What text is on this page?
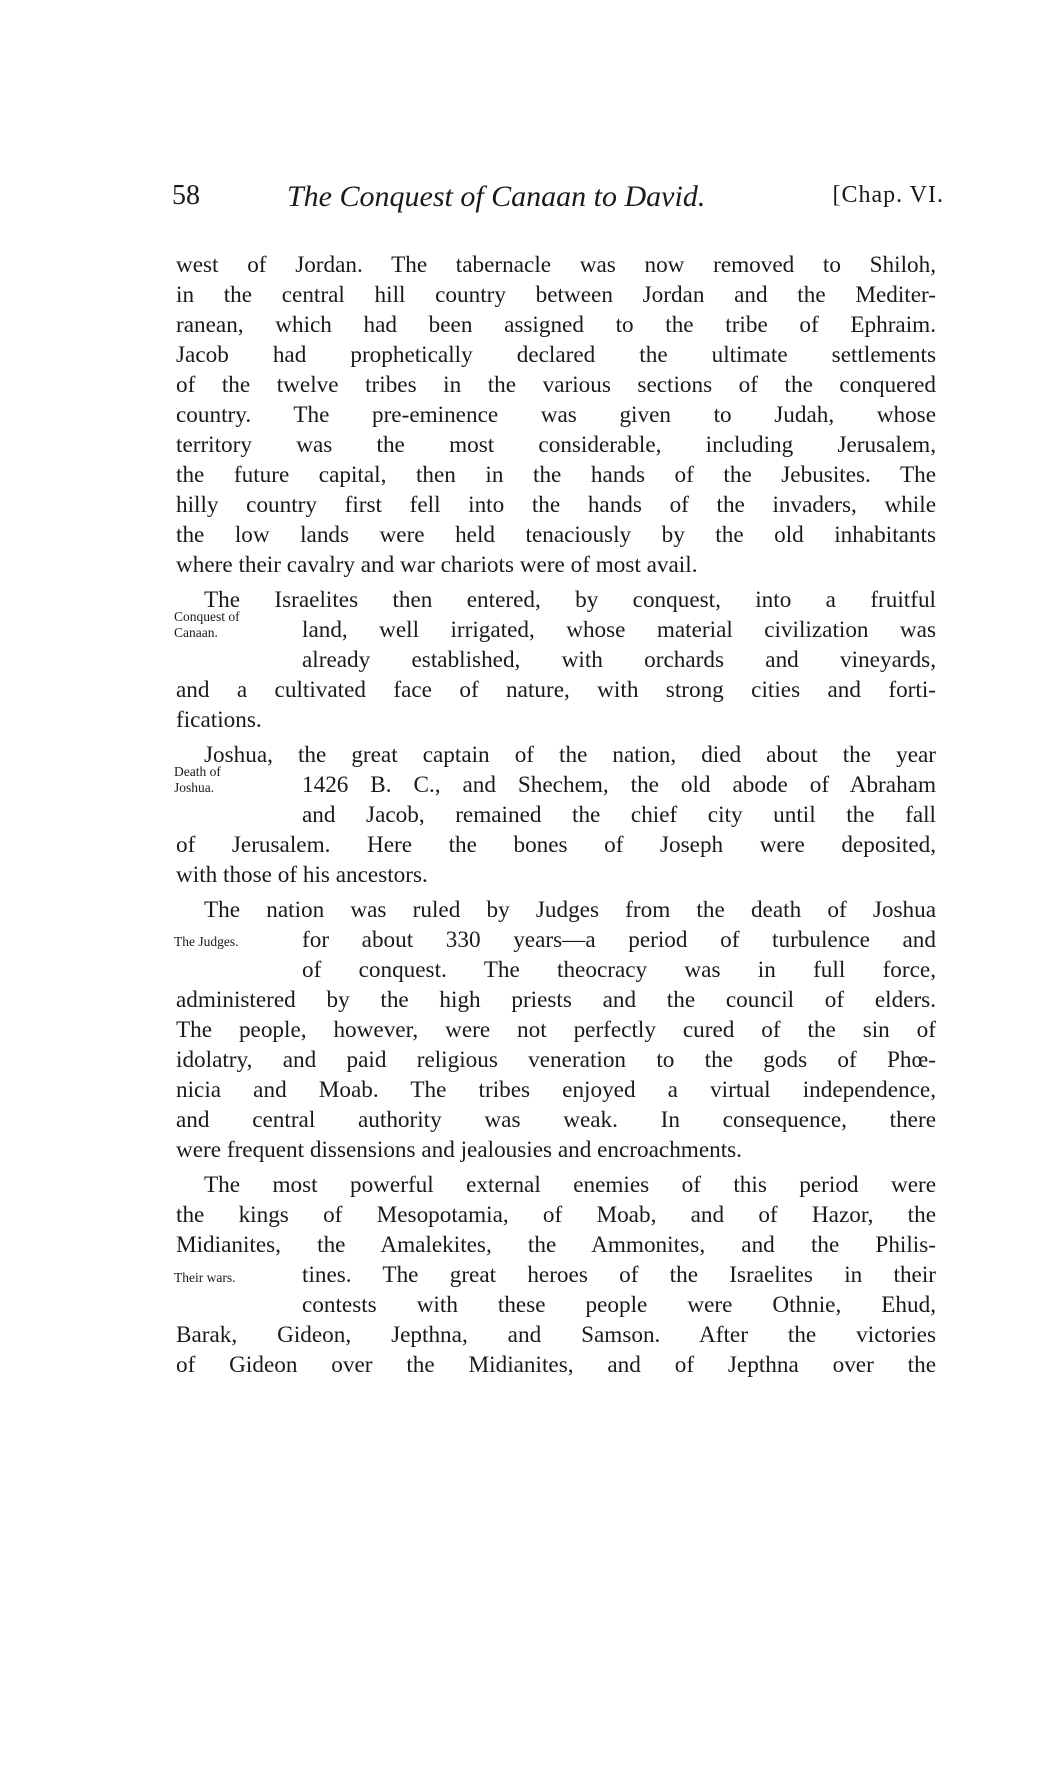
58	The Conquest of Canaan to David.	[Chap. VI.
west of Jordan. The tabernacle was now removed to Shiloh,
in the central hill country between Jordan and the Mediter-
ranean, which had been assigned to the tribe of Ephraim.
Jacob had prophetically declared the ultimate settlements
of the twelve tribes in the various sections of the conquered
country. The pre-eminence was given to Judah, whose
territory was the most considerable, including Jerusalem,
the future capital, then in the hands of the Jebusites. The
hilly country first fell into the hands of the invaders, while
the low lands were held tenaciously by the old inhabitants
where their cavalry and war chariots were of most avail.
The Israelites then entered, by conquest, into a fruitful
land, well irrigated, whose material civilization was
already established, with orchards and vineyards,
and a cultivated face of nature, with strong cities and forti-
fications.
Joshua, the great captain of the nation, died about the year
1426 B. C., and Shechem, the old abode of Abraham
and Jacob, remained the chief city until the fall
of Jerusalem. Here the bones of Joseph were deposited,
with those of his ancestors.
The nation was ruled by Judges from the death of Joshua
for about 330 years—a period of turbulence and
of conquest. The theocracy was in full force,
administered by the high priests and the council of elders.
The people, however, were not perfectly cured of the sin of
idolatry, and paid religious veneration to the gods of Phœ-
nicia and Moab. The tribes enjoyed a virtual independence,
and central authority was weak. In consequence, there
were frequent dissensions and jealousies and encroachments.
The most powerful external enemies of this period were
the kings of Mesopotamia, of Moab, and of Hazor, the
Midianites, the Amalekites, the Ammonites, and the Philis-
tines. The great heroes of the Israelites in their
contests with these people were Othnie, Ehud,
Barak, Gideon, Jepthna, and Samson. After the victories
of Gideon over the Midianites, and of Jepthna over the
Conquest of
Canaan.
Death of
Joshua.
The Judges.
Their wars.
